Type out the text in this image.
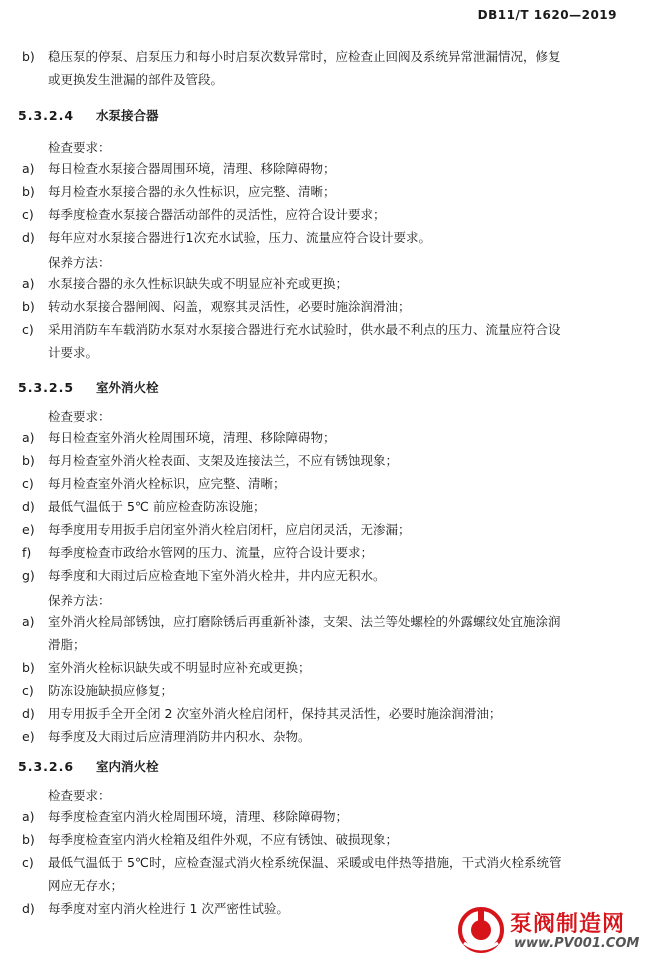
DB11/T 1620—2019
b) 稳压泵的停泵、启泵压力和每小时启泵次数异常时，应检查止回阀及系统异常泄漏情况，修复
或更换发生泄漏的部件及管段。
5.3.2.4 水泵接合器
检查要求：
a) 每日检查水泵接合器周围环境，清理、移除障碍物；
b) 每月检查水泵接合器的永久性标识，应完整、清晰；
c) 每季度检查水泵接合器活动部件的灵活性，应符合设计要求；
d) 每年应对水泵接合器进行1次充水试验，压力、流量应符合设计要求。
保养方法：
a) 水泵接合器的永久性标识缺失或不明显应补充或更换；
b) 转动水泵接合器闸阀、闷盖，观察其灵活性，必要时施涂润滑油；
c) 采用消防车车载消防水泵对水泵接合器进行充水试验时，供水最不利点的压力、流量应符合设
计要求。
5.3.2.5 室外消火栓
检查要求：
a) 每日检查室外消火栓周围环境，清理、移除障碍物；
b) 每月检查室外消火栓表面、支架及连接法兰，不应有锈蚀现象；
c) 每月检查室外消火栓标识，应完整、清晰；
d) 最低气温低于 5℃ 前应检查防冻设施；
e) 每季度用专用扳手启闭室外消火栓启闭杆，应启闭灵活，无渗漏；
f) 每季度检查市政给水管网的压力、流量，应符合设计要求；
g) 每季度和大雨过后应检查地下室外消火栓井，井内应无积水。
保养方法：
a) 室外消火栓局部锈蚀，应打磨除锈后再重新补漆，支架、法兰等处螺栓的外露螺纹处宜施涂润
滑脂；
b) 室外消火栓标识缺失或不明显时应补充或更换；
c) 防冻设施缺损应修复；
d) 用专用扳手全开全闭 2 次室外消火栓启闭杆，保持其灵活性，必要时施涂润滑油；
e) 每季度及大雨过后应清理消防井内积水、杂物。
5.3.2.6 室内消火栓
检查要求：
a) 每季度检查室内消火栓周围环境，清理、移除障碍物；
b) 每季度检查室内消火栓箱及组件外观，不应有锈蚀、破损现象；
c) 最低气温低于 5℃时，应检查湿式消火栓系统保温、采暖或电伴热等措施，干式消火栓系统管
网应无存水；
d) 每季度对室内消火栓进行 1 次严密性试验。
泵阀制造网
www.PV001.COM
